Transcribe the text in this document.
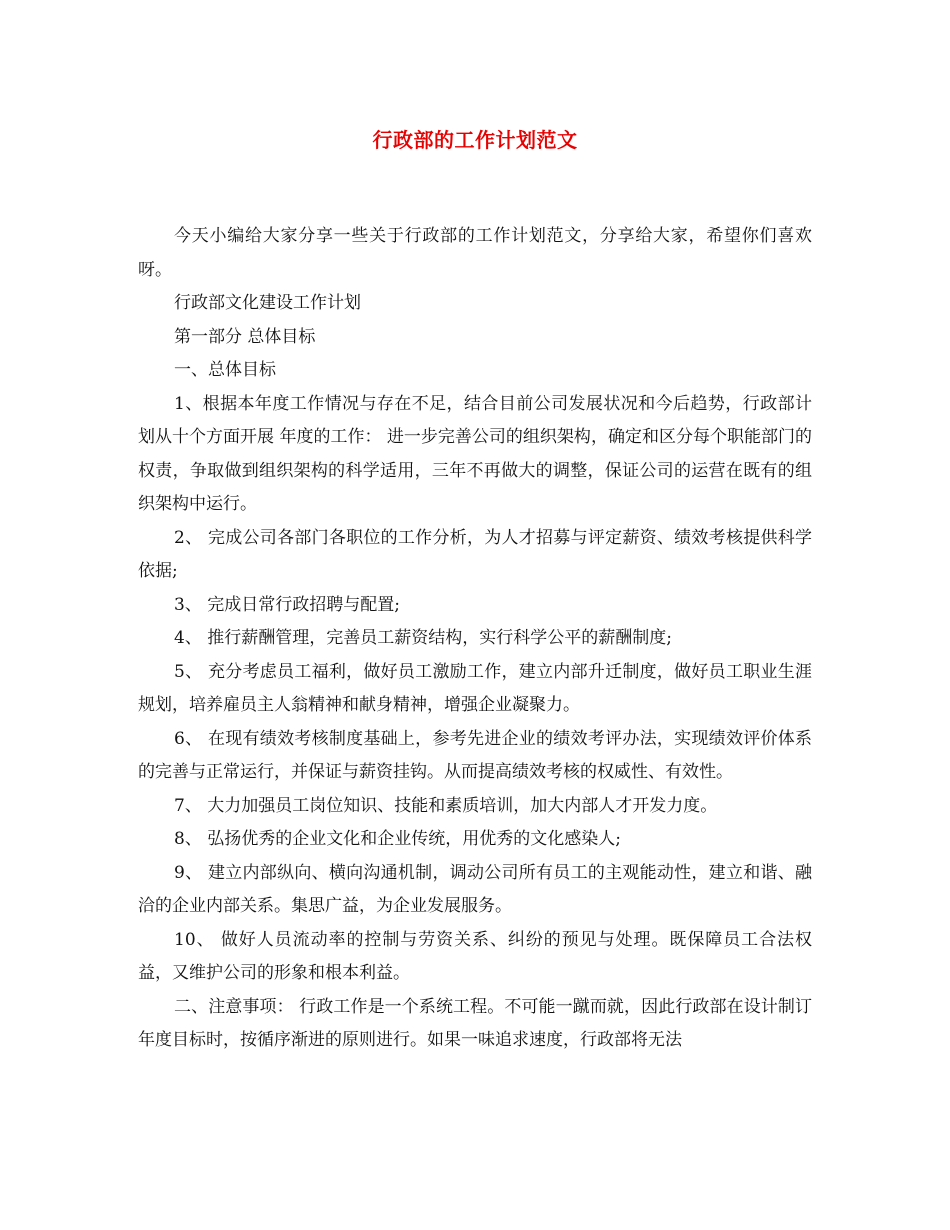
行政部的工作计划范文

今天小编给大家分享一些关于行政部的工作计划范文，分享给大家，希望你们喜欢呀。

行政部文化建设工作计划

第一部分 总体目标

一、总体目标

1、根据本年度工作情况与存在不足，结合目前公司发展状况和今后趋势，行政部计划从十个方面开展 年度的工作： 进一步完善公司的组织架构，确定和区分每个职能部门的权责，争取做到组织架构的科学适用，三年不再做大的调整，保证公司的运营在既有的组织架构中运行。

2、 完成公司各部门各职位的工作分析，为人才招募与评定薪资、绩效考核提供科学依据;

3、 完成日常行政招聘与配置;

4、 推行薪酬管理，完善员工薪资结构，实行科学公平的薪酬制度;

5、 充分考虑员工福利，做好员工激励工作，建立内部升迁制度，做好员工职业生涯规划，培养雇员主人翁精神和献身精神，增强企业凝聚力。

6、 在现有绩效考核制度基础上，参考先进企业的绩效考评办法，实现绩效评价体系的完善与正常运行，并保证与薪资挂钩。从而提高绩效考核的权威性、有效性。

7、 大力加强员工岗位知识、技能和素质培训，加大内部人才开发力度。

8、 弘扬优秀的企业文化和企业传统，用优秀的文化感染人;

9、 建立内部纵向、横向沟通机制，调动公司所有员工的主观能动性，建立和谐、融洽的企业内部关系。集思广益，为企业发展服务。

10、 做好人员流动率的控制与劳资关系、纠纷的预见与处理。既保障员工合法权益，又维护公司的形象和根本利益。

二、注意事项： 行政工作是一个系统工程。不可能一蹴而就，因此行政部在设计制订年度目标时，按循序渐进的原则进行。如果一味追求速度，行政部将无法
